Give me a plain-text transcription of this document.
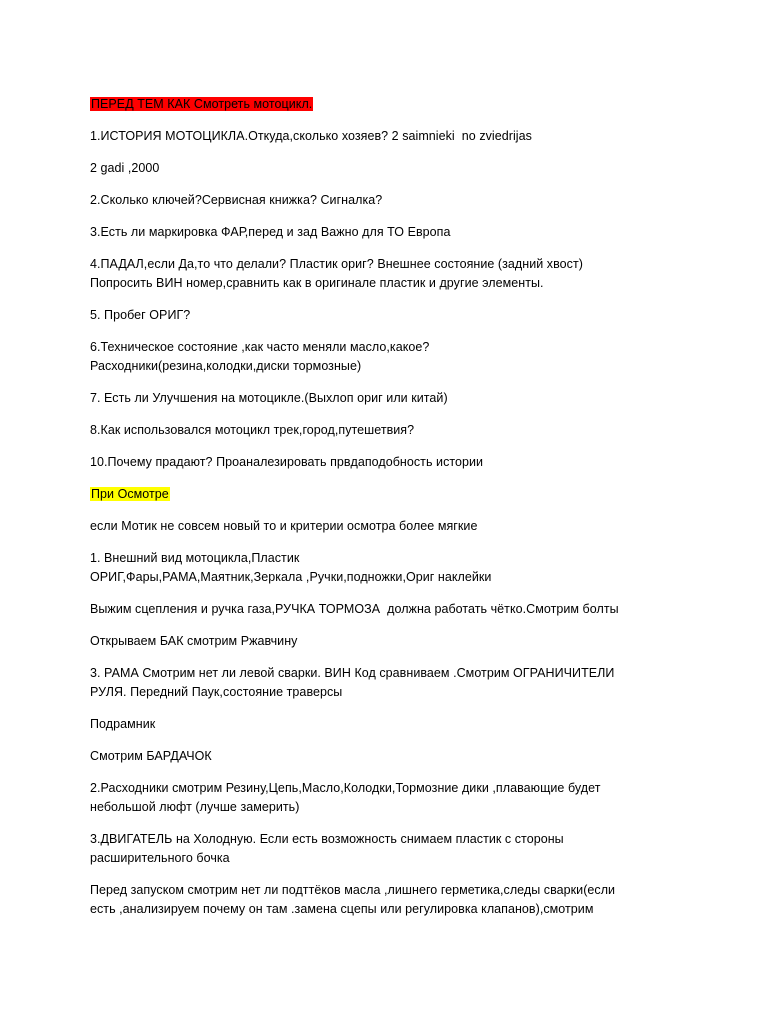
ПЕРЕД ТЕМ КАК Смотреть мотоцикл.

1.ИСТОРИЯ МОТОЦИКЛА.Откуда,сколько хозяев? 2 saimnieki  no zviedrijas

2 gadi ,2000

2.Сколько ключей?Сервисная книжка? Сигналка?

3.Есть ли маркировка ФАР,перед и зад Важно для ТО Европа

4.ПАДАЛ,если Да,то что делали? Пластик ориг? Внешнее состояние (задний хвост)
Попросить ВИН номер,сравнить как в оригинале пластик и другие элементы.

5. Пробег ОРИГ?

6.Техническое состояние ,как часто меняли масло,какое?
Расходники(резина,колодки,диски тормозные)

7. Есть ли Улучшения на мотоцикле.(Выхлоп ориг или китай)

8.Как использовался мотоцикл трек,город,путешетвия?

10.Почему прадают? Проаналезировать првдаподобность истории

При Осмотре

если Мотик не совсем новый то и критерии осмотра более мягкие

1. Внешний вид мотоцикла,Пластик
ОРИГ,Фары,РАМА,Маятник,Зеркала ,Ручки,подножки,Ориг наклейки

Выжим сцепления и ручка газа,РУЧКА ТОРМОЗА  должна работать чётко.Смотрим болты

Открываем БАК смотрим Ржавчину

3. РАМА Смотрим нет ли левой сварки. ВИН Код сравниваем .Смотрим ОГРАНИЧИТЕЛИ
РУЛЯ. Передний Паук,состояние траверсы

Подрамник

Смотрим БАРДАЧОК

2.Расходники смотрим Резину,Цепь,Масло,Колодки,Тормозние дики ,плавающие будет
небольшой люфт (лучше замерить)

3.ДВИГАТЕЛЬ на Холодную. Если есть возможность снимаем пластик с стороны
расширительного бочка

Перед запуском смотрим нет ли подттёков масла ,лишнего герметика,следы сварки(если
есть ,анализируем почему он там .замена сцепы или регулировка клапанов),смотрим
